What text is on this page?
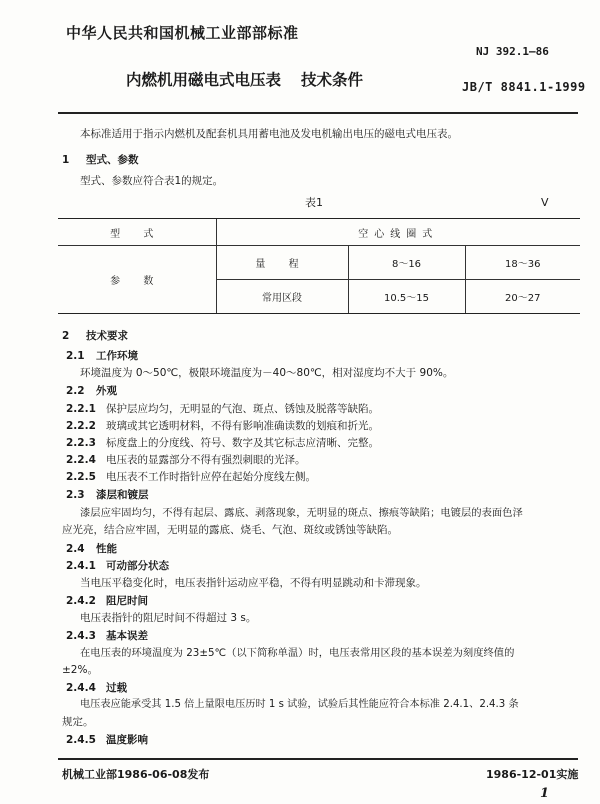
中华人民共和国机械工业部部标准
NJ 392.1—86
内燃机用磁电式电压表 技术条件	JB/T 8841.1-1999
本标准适用于指示内燃机及配套机具用蓄电池及发电机输出电压的磁电式电压表。
1 型式、参数
型式、参数应符合表1的规定。
表1	V
型 式	空心线圈式		
参 数	量 程	8～16	18～36
	常用区段	10.5～15	20～27
2 技术要求
2.1 工作环境
环境温度为 0～50℃，极限环境温度为－40～80℃，相对湿度均不大于 90%。
2.2 外观
2.2.1 保护层应均匀，无明显的气泡、斑点、锈蚀及脱落等缺陷。
2.2.2 玻璃或其它透明材料，不得有影响准确读数的划痕和折光。
2.2.3 标度盘上的分度线、符号、数字及其它标志应清晰、完整。
2.2.4 电压表的显露部分不得有强烈刺眼的光泽。
2.2.5 电压表不工作时指针应停在起始分度线左侧。
2.3 漆层和镀层
漆层应牢固均匀，不得有起层、露底、剥落现象，无明显的斑点、擦痕等缺陷；电镀层的表面色泽
应光亮，结合应牢固，无明显的露底、烧毛、气泡、斑纹或锈蚀等缺陷。
2.4 性能
2.4.1 可动部分状态
当电压平稳变化时，电压表指针运动应平稳，不得有明显跳动和卡滞现象。
2.4.2 阻尼时间
电压表指针的阻尼时间不得超过 3 s。
2.4.3 基本误差
在电压表的环境温度为 23±5℃（以下简称单温）时，电压表常用区段的基本误差为刻度终值的
±2%。
2.4.4 过载
电压表应能承受其 1.5 倍上量限电压历时 1 s 试验，试验后其性能应符合本标准 2.4.1、2.4.3 条
规定。
2.4.5 温度影响
机械工业部1986-06-08发布	1986-12-01实施
1
